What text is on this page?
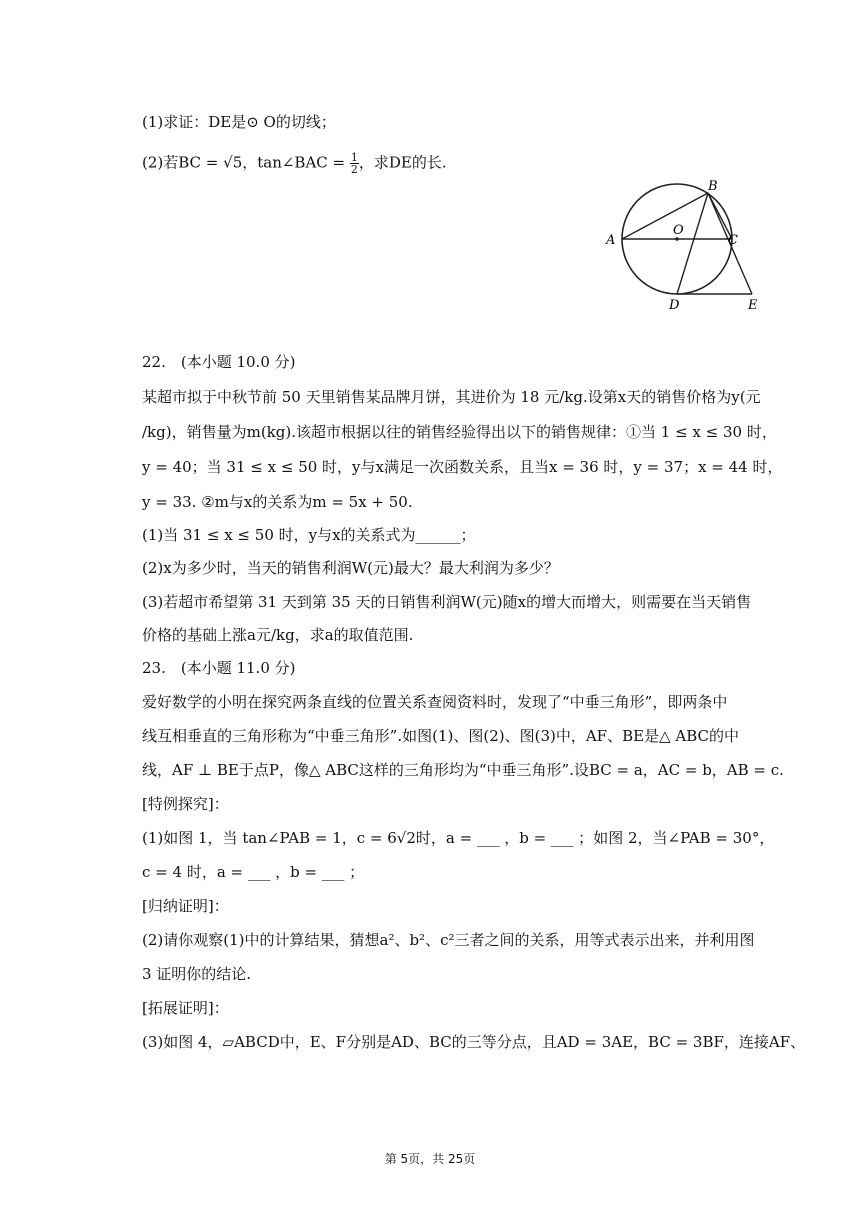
(1)求证：DE是⊙ O的切线；
(2)若BC = √5，tan∠BAC = $\frac{1}{2}$ ，求DE的长.
A
B
C
O
D	E
22.　(本小题 10.0 分)
某超市拟于中秋节前 50 天里销售某品牌月饼，其进价为 18 元/kg.设第x天的销售价格为y(元
/kg)，销售量为m(kg).该超市根据以往的销售经验得出以下的销售规律：①当 1 ≤ x ≤ 30 时，
y = 40；当 31 ≤ x ≤ 50 时，y与x满足一次函数关系，且当x = 36 时，y = 37；x = 44 时，
y = 33. ②m与x的关系为m = 5x + 50.
(1)当 31 ≤ x ≤ 50 时，y与x的关系式为______；
(2)x为多少时，当天的销售利润W(元)最大？最大利润为多少？
(3)若超市希望第 31 天到第 35 天的日销售利润W(元)随x的增大而增大，则需要在当天销售
价格的基础上涨a元/kg，求a的取值范围.
23.　(本小题 11.0 分)
爱好数学的小明在探究两条直线的位置关系查阅资料时，发现了“中垂三角形”，即两条中
线互相垂直的三角形称为“中垂三角形”.如图(1)、图(2)、图(3)中，AF、BE是△ ABC的中
线，AF ⊥ BE于点P，像△ ABC这样的三角形均为“中垂三角形”.设BC = a，AC = b，AB = c.
[特例探究]：
(1)如图 1，当 tan∠PAB = 1，c = 6√2时，a = ___ ，b = ___ ；如图 2，当∠PAB = 30°，
c = 4 时，a = ___ ，b = ___ ；
[归纳证明]：
(2)请你观察(1)中的计算结果，猜想a²、b²、c²三者之间的关系，用等式表示出来，并利用图
3 证明你的结论.
[拓展证明]：
(3)如图 4，▱ABCD中，E、F分别是AD、BC的三等分点，且AD = 3AE，BC = 3BF，连接AF、
第 5页，共 25页
